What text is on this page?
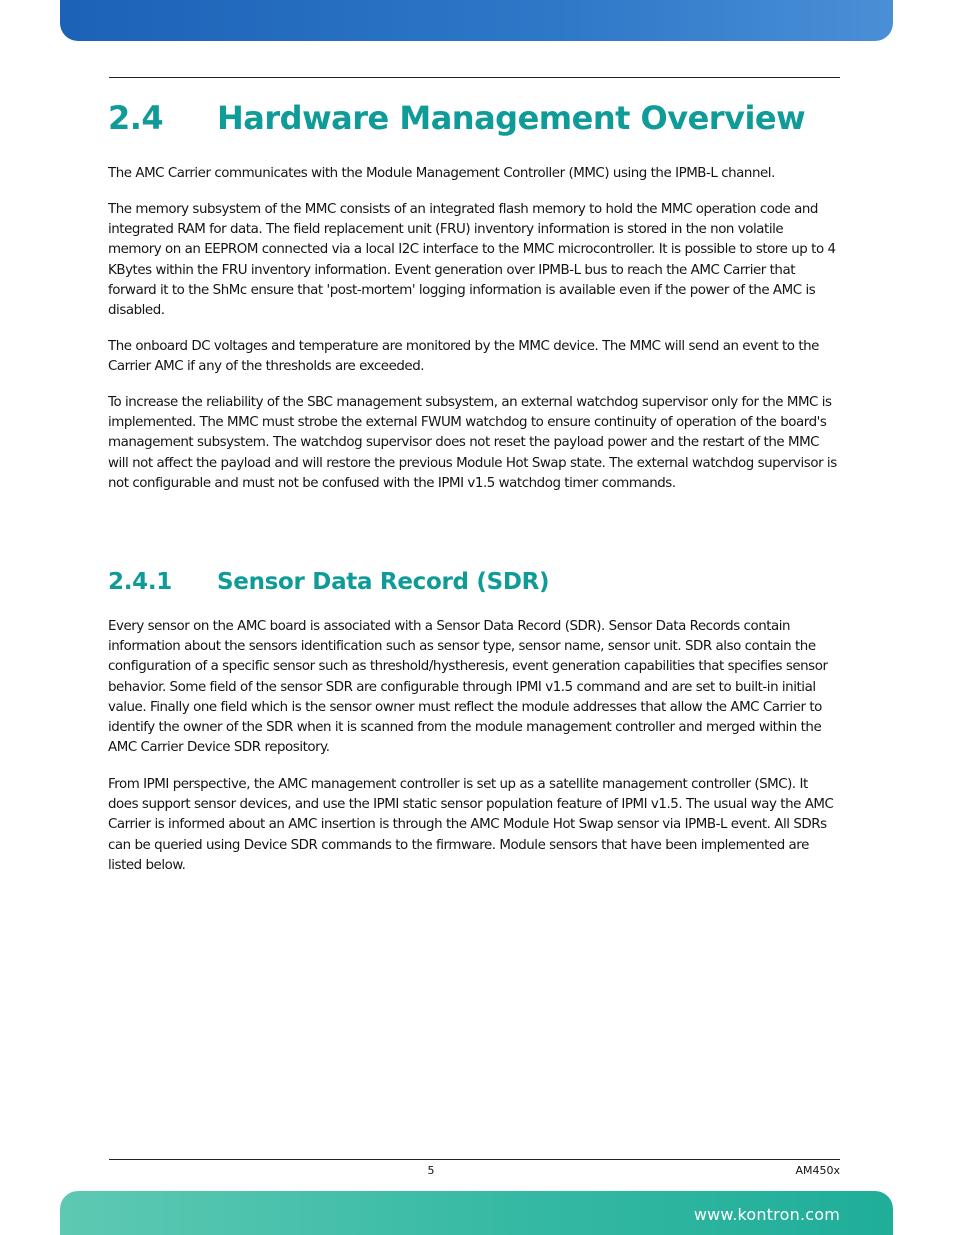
2.4 Hardware Management Overview

The AMC Carrier communicates with the Module Management Controller (MMC) using the IPMB-L channel.

The memory subsystem of the MMC consists of an integrated flash memory to hold the MMC operation code and integrated RAM for data. The field replacement unit (FRU) inventory information is stored in the non volatile memory on an EEPROM connected via a local I2C interface to the MMC microcontroller. It is possible to store up to 4 KBytes within the FRU inventory information. Event generation over IPMB-L bus to reach the AMC Carrier that forward it to the ShMc ensure that 'post-mortem' logging information is available even if the power of the AMC is disabled.

The onboard DC voltages and temperature are monitored by the MMC device. The MMC will send an event to the Carrier AMC if any of the thresholds are exceeded.

To increase the reliability of the SBC management subsystem, an external watchdog supervisor only for the MMC is implemented. The MMC must strobe the external FWUM watchdog to ensure continuity of operation of the board's management subsystem. The watchdog supervisor does not reset the payload power and the restart of the MMC will not affect the payload and will restore the previous Module Hot Swap state. The external watchdog supervisor is not configurable and must not be confused with the IPMI v1.5 watchdog timer commands.

2.4.1 Sensor Data Record (SDR)

Every sensor on the AMC board is associated with a Sensor Data Record (SDR). Sensor Data Records contain information about the sensors identification such as sensor type, sensor name, sensor unit. SDR also contain the configuration of a specific sensor such as threshold/hystheresis, event generation capabilities that specifies sensor behavior. Some field of the sensor SDR are configurable through IPMI v1.5 command and are set to built-in initial value. Finally one field which is the sensor owner must reflect the module addresses that allow the AMC Carrier to identify the owner of the SDR when it is scanned from the module management controller and merged within the AMC Carrier Device SDR repository.

From IPMI perspective, the AMC management controller is set up as a satellite management controller (SMC). It does support sensor devices, and use the IPMI static sensor population feature of IPMI v1.5. The usual way the AMC Carrier is informed about an AMC insertion is through the AMC Module Hot Swap sensor via IPMB-L event. All SDRs can be queried using Device SDR commands to the firmware. Module sensors that have been implemented are listed below.

5	AM450x
www.kontron.com
